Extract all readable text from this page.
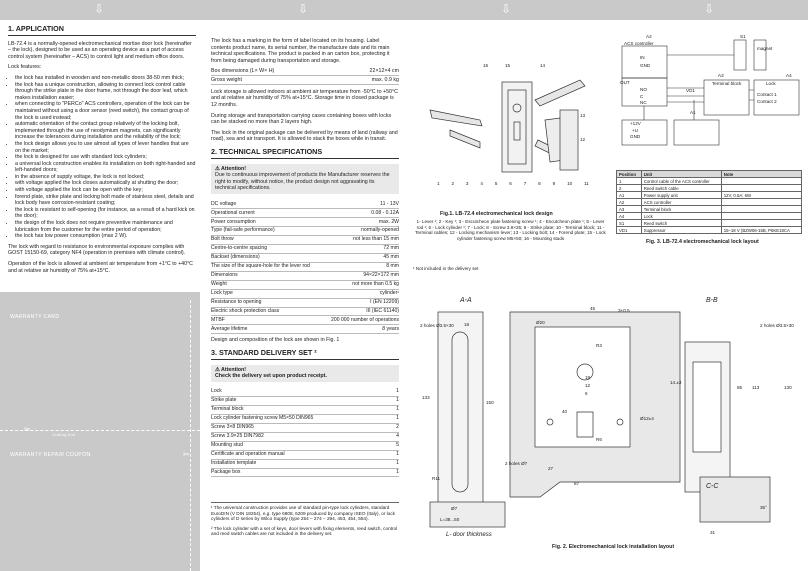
⇩	⇩	⇩	⇩
1. APPLICATION

LB-72.4 is a normally-opened electromechanical mortise door lock (hereinafter – the lock), designed to be used as an operating device as a part of access control system (hereinafter – ACS) to control light and medium office doors.

Lock features:

• the lock has installed in wooden and non-metallic doors 38-50 mm thick;
• the lock has a unique construction, allowing to connect lock control cable through the strike plate in the door frame, not through the door leaf, which makes installation easier;
• when connecting to "PERCo" ACS controllers, operation of the lock can be maintained without using a door sensor (reed switch), the contact group of the lock is used instead;
• automatic orientation of the contact group relatively of the locking bolt, implemented through the use of neodymium magnets, can significantly increase the tolerances during installation and the reliability of the lock;
• the lock design allows you to use almost all types of lever handles that are on the market;
• the lock is designed for use with standard lock cylinders;
• a universal lock construction enables its installation on both right-handed and left-handed doors;
• in the absence of supply voltage, the lock is not locked;
• with voltage applied the lock closes automatically at shutting the door;
• with voltage applied the lock can be open with the key;
• forend plate, strike plate and locking bolt made of stainless steel, details and lock body have corrosion-resistant coating;
• the lock is resistant to self-opening (for instance, as a result of a hard kick on the door);
• the design of the lock does not require preventive maintenance and lubrication from the customer for the entire period of operation;
• the lock has low power consumption (max 2 W).

The lock with regard to resistance to environmental exposure complies with GOST 15150-69, category NF4 (operation in premises with climate control).

Operation of the lock is allowed at ambient air temperature from +1°C to +40°C and at relative air humidity of 75% at+15°C.

WARRANTY CARD
✂
Cutting line
WARRANTY REPAIR COUPON	✂

The lock has a marking in the form of label located on its housing. Label contents product name, its serial number, the manufacture date and its main technical specifications. The product is packed in an carton box, protecting it from being damaged during transportation and storage.

Box dimensions (L× W× H)	22×12×4 cm
Gross weight	max. 0.9 kg

Lock storage is allowed indoors at ambient air temperature from -50°C to +50°C and at relative air humidity of 75% at+15°C. Storage time in closed package is 12 months.

During storage and transportation carrying cases containing boxes with locks can be stacked no more than 2 layers high.

The lock in the original package can be delivered by means of land (railway and road), sea and air transport. It is allowed to stack the boxes while in transit.

2. TECHNICAL SPECIFICATIONS
⚠ Attention!
Due to continuous improvement of products the Manufacturer reserves the right to modify, without notice, the product design not aggravating its technical specifications.
DC voltage	11 - 13V
Operational current	0.08 - 0.12A
Power consumption	max. 2W
Type (fail-safe performance)	normally-opened
Bolt throw	not less than 15 mm
Centre-to-centre spacing	72 mm
Backset (dimensions)	45 mm
The size of the square-hole for the lever rod	8 mm
Dimensions	94×22×172 mm
Weight	not more than 0.5 kg
Lock type	cylinder¹
Resistance to opening	I (EN 12209)
Electric shock protection class	III (IEC 61140)
MTBF	200 000 number of operations
Average lifetime	8 years

Design and composition of the lock are shown in Fig. 1

3. STANDARD DELIVERY SET ²
⚠ Attention!
Check the delivery set upon product receipt.
Lock	1
Strike plate	1
Terminal block	1
Lock cylinder fastening screw M5×50 DIN965	1
Screw 3×8 DIN965	2
Screw 3.9×25 DIN7982	4
Mounting stud	5
Certificate and operation manual	1
Installation template	1
Package box	1

¹ The universal construction provides use of standard pin-type lock cylinders, standard EuroDIN (V DIN 18254), e.g. type 6808, 6209 produced by company ISEO (Italy), or lock cylinders of D series by Wilco Supply (type 254 – 274 – 294, 453, 454, 554).

² The lock cylinder with a set of keys, door levers with fixing elements, reed switch, control and reed switch cables are not included in the delivery set.

16	15	14
13
12
1	2	3	4	5	6	7	8	9	10	11
Fig.1. LB-72.4 electromechanical lock design
1- Lever ¹; 2 - Key ¹; 3 - Escutcheon plate fastening screw ¹; 4 - Escutcheon plate ¹; 5 - Lever rod ¹; 6 - Lock cylinder ¹; 7 - Lock; 8 - Screw 3.9×25; 9 - Strike plate; 10 - Terminal block; 11 - Terminal cables; 12 - Locking mechanism lever; 13 - Locking bolt; 14 - Forend plate; 15 - Lock cylinder fastening screw M5×50; 16 - Mounting studs
¹ Not included in the delivery set
A2
ACS controller
IN
GND
OUT
NO
C
NC
+12V
+U
GND
A1
VD1
A3
Terminal block
S1
magnet
Lock
A4
Contact 1
Contact 2
Position	Unit	Note
1	Control cable of the ACS controller	
2	Reed switch cable	
A1	Power supply unit	12V, 0.5A; 6W
A2	ACS controller	
A3	Terminal block	
A4	Lock	
S1	Reed switch	
VD1	Suppressor	15–18 V (BZW06-15B, P6KE18CA
Fig. 3. LB-72.4 electromechanical lock layout
A-A	B-B
C-C
2 holes Ø3.5×30
Ø20
45	3+0.5
R3
R6
Ø12±4
2 holes Ø7
27
87
R11
Ø7
L=38...50
2 holes Ø3.5×30
35°
31
14.±3
133
150
18
85 113	130
40
19
12
6
L- door thickness
Fig. 2. Electromechanical lock installation layout
